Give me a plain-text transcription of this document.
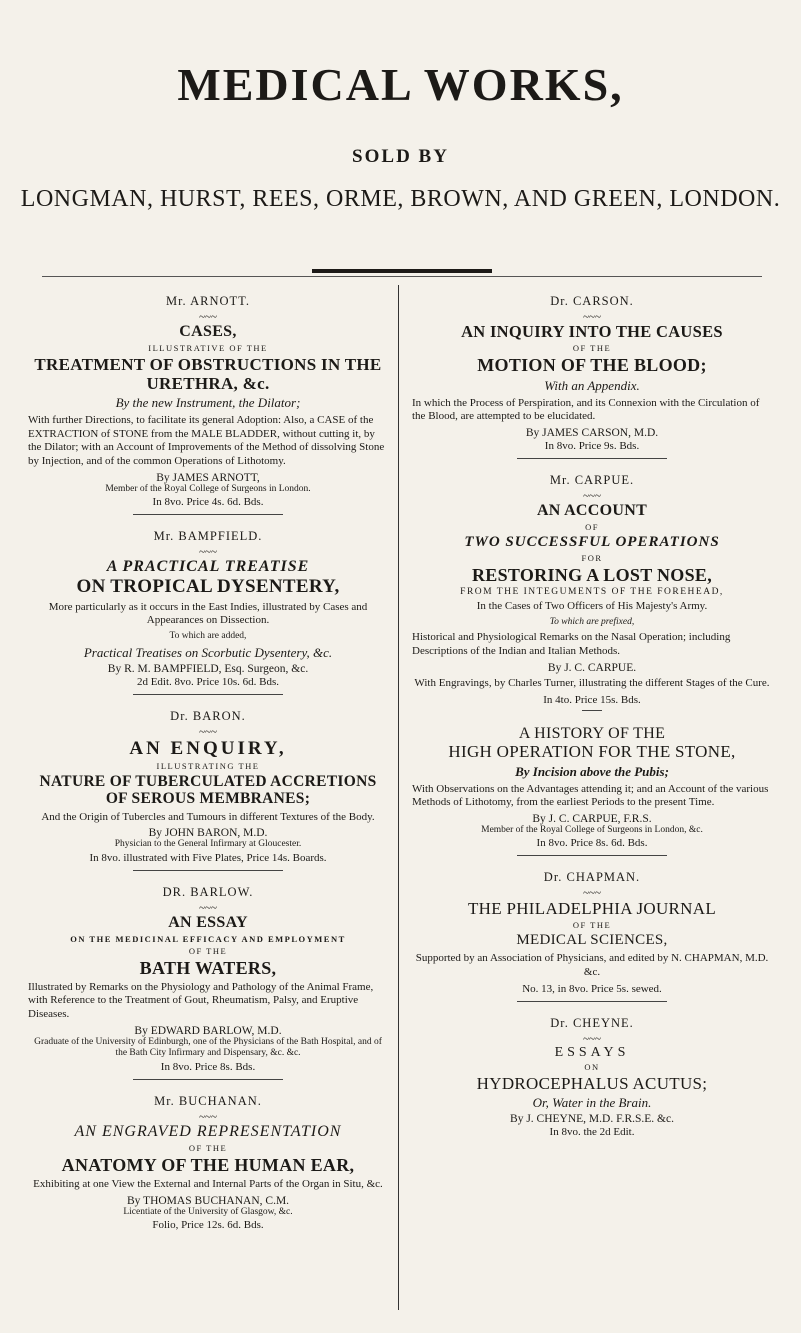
MEDICAL WORKS,
SOLD BY
LONGMAN, HURST, REES, ORME, BROWN, AND GREEN, LONDON.
Mr. ARNOTT.
~~~
CASES,
ILLUSTRATIVE OF THE
TREATMENT OF OBSTRUCTIONS IN THE URETHRA, &c.
By the new Instrument, the Dilator;
With further Directions, to facilitate its general Adoption: Also, a CASE of the EXTRACTION of STONE from the MALE BLADDER, without cutting it, by the Dilator; with an Account of Improvements of the Method of dissolving Stone by Injection, and of the common Operations of Lithotomy.
By JAMES ARNOTT,
Member of the Royal College of Surgeons in London.
In 8vo. Price 4s. 6d. Bds.
Mr. BAMPFIELD.
~~~
A PRACTICAL TREATISE
ON TROPICAL DYSENTERY,
More particularly as it occurs in the East Indies, illustrated by Cases and Appearances on Dissection.
To which are added,
Practical Treatises on Scorbutic Dysentery, &c.
By R. M. BAMPFIELD, Esq. Surgeon, &c.
2d Edit. 8vo. Price 10s. 6d. Bds.
Dr. BARON.
~~~
AN ENQUIRY,
ILLUSTRATING THE
NATURE OF TUBERCULATED ACCRETIONS OF SEROUS MEMBRANES;
And the Origin of Tubercles and Tumours in different Textures of the Body.
By JOHN BARON, M.D.
Physician to the General Infirmary at Gloucester.
In 8vo. illustrated with Five Plates, Price 14s. Boards.
DR. BARLOW.
~~~
AN ESSAY
ON THE MEDICINAL EFFICACY AND EMPLOYMENT
OF THE
BATH WATERS,
Illustrated by Remarks on the Physiology and Pathology of the Animal Frame, with Reference to the Treatment of Gout, Rheumatism, Palsy, and Eruptive Diseases.
By EDWARD BARLOW, M.D.
Graduate of the University of Edinburgh, one of the Physicians of the Bath Hospital, and of the Bath City Infirmary and Dispensary, &c. &c.
In 8vo. Price 8s. Bds.
Mr. BUCHANAN.
~~~
AN ENGRAVED REPRESENTATION
OF THE
ANATOMY OF THE HUMAN EAR,
Exhibiting at one View the External and Internal Parts of the Organ in Situ, &c.
By THOMAS BUCHANAN, C.M.
Licentiate of the University of Glasgow, &c.
Folio, Price 12s. 6d. Bds.
Dr. CARSON.
~~~
AN INQUIRY INTO THE CAUSES
OF THE
MOTION OF THE BLOOD;
With an Appendix.
In which the Process of Perspiration, and its Connexion with the Circulation of the Blood, are attempted to be elucidated.
By JAMES CARSON, M.D.
In 8vo. Price 9s. Bds.
Mr. CARPUE.
~~~
AN ACCOUNT
OF
TWO SUCCESSFUL OPERATIONS
FOR
RESTORING A LOST NOSE,
FROM THE INTEGUMENTS OF THE FOREHEAD,
In the Cases of Two Officers of His Majesty's Army.
To which are prefixed,
Historical and Physiological Remarks on the Nasal Operation; including Descriptions of the Indian and Italian Methods.
By J. C. CARPUE.
With Engravings, by Charles Turner, illustrating the different Stages of the Cure.
In 4to. Price 15s. Bds.
A HISTORY OF THE
HIGH OPERATION FOR THE STONE,
By Incision above the Pubis;
With Observations on the Advantages attending it; and an Account of the various Methods of Lithotomy, from the earliest Periods to the present Time.
By J. C. CARPUE, F.R.S.
Member of the Royal College of Surgeons in London, &c.
In 8vo. Price 8s. 6d. Bds.
Dr. CHAPMAN.
~~~
THE PHILADELPHIA JOURNAL
OF THE
MEDICAL SCIENCES,
Supported by an Association of Physicians, and edited by N. CHAPMAN, M.D. &c.
No. 13, in 8vo. Price 5s. sewed.
Dr. CHEYNE.
~~~
ESSAYS
ON
HYDROCEPHALUS ACUTUS;
Or, Water in the Brain.
By J. CHEYNE, M.D. F.R.S.E. &c.
In 8vo. the 2d Edit.
